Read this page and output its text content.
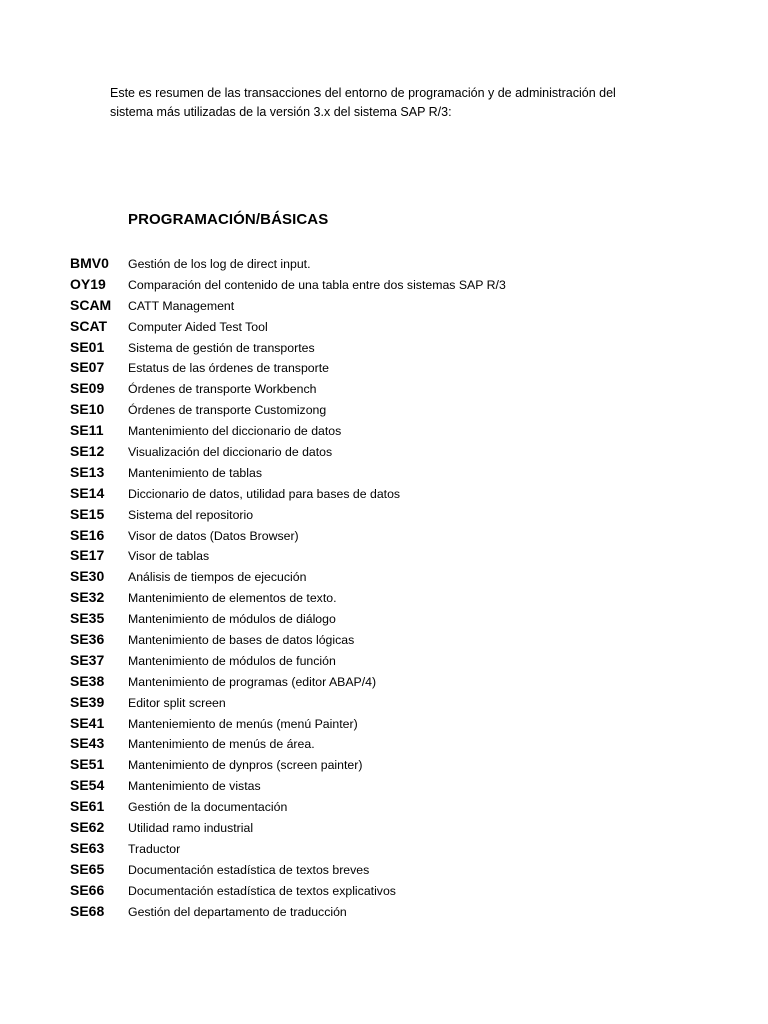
Este es resumen de las transacciones del entorno de programación y de administración del

sistema más utilizadas de la versión 3.x del sistema SAP R/3:

PROGRAMACIÓN/BÁSICAS
BMV0	Gestión de los log de direct input.
OY19	Comparación del contenido de una tabla entre dos sistemas SAP R/3
SCAM	CATT Management
SCAT	Computer Aided Test Tool
SE01	Sistema de gestión de transportes
SE07	Estatus de las órdenes de transporte
SE09	Órdenes de transporte Workbench
SE10	Órdenes de transporte Customizong
SE11	Mantenimiento del diccionario de datos
SE12	Visualización del diccionario de datos
SE13	Mantenimiento de tablas
SE14	Diccionario de datos, utilidad para bases de datos
SE15	Sistema del repositorio
SE16	Visor de datos (Datos Browser)
SE17	Visor de tablas
SE30	Análisis de tiempos de ejecución
SE32	Mantenimiento de elementos de texto.
SE35	Mantenimiento de módulos de diálogo
SE36	Mantenimiento de bases de datos lógicas
SE37	Mantenimiento de módulos de función
SE38	Mantenimiento de programas (editor ABAP/4)
SE39	Editor split screen
SE41	Manteniemiento de menús (menú Painter)
SE43	Mantenimiento de menús de área.
SE51	Mantenimiento de dynpros (screen painter)
SE54	Mantenimiento de vistas
SE61	Gestión de la documentación
SE62	Utilidad ramo industrial
SE63	Traductor
SE65	Documentación estadística de textos breves
SE66	Documentación estadística de textos explicativos
SE68	Gestión del departamento de traducción
